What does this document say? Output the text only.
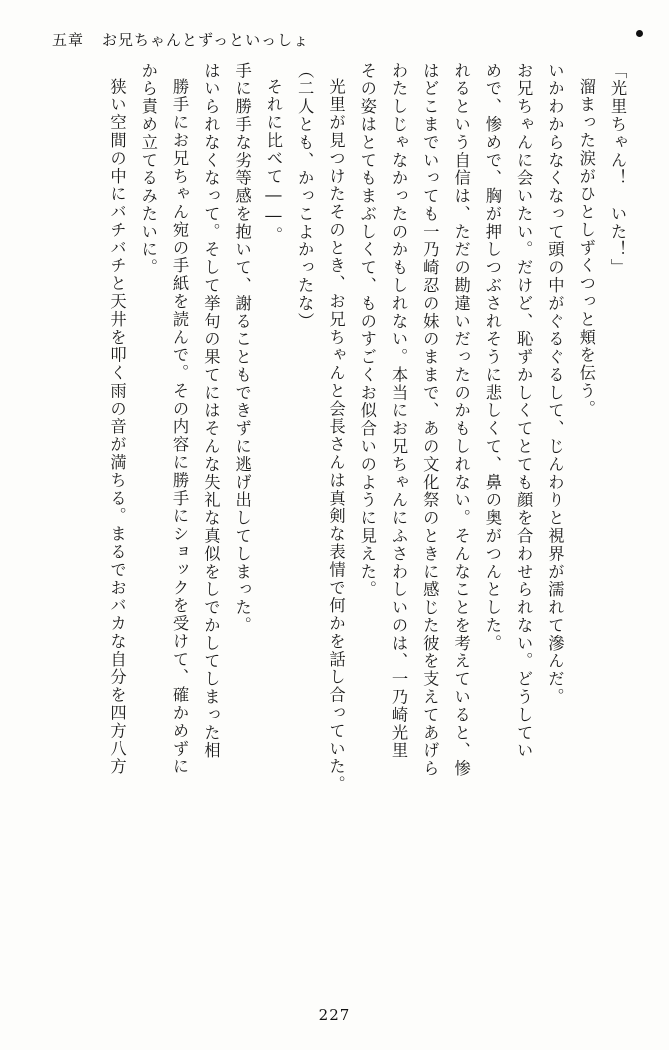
五章 お兄ちゃんとずっといっしょ

「光里ちゃん！　いた！」

溜まった涙がひとしずくつっと頬を伝う。

いかわからなくなって頭の中がぐるぐるして、じんわりと視界が濡れて滲んだ。

お兄ちゃんに会いたい。だけど、恥ずかしくてとても顔を合わせられない。どうしてい

めで、惨めで、胸が押しつぶされそうに悲しくて、鼻の奥がつんとした。

れるという自信は、ただの勘違いだったのかもしれない。そんなことを考えていると、惨

はどこまでいっても一乃崎忍の妹のままで、あの文化祭のときに感じた彼を支えてあげら

わたしじゃなかったのかもしれない。本当にお兄ちゃんにふさわしいのは、一乃崎光里

その姿はとてもまぶしくて、ものすごくお似合いのように見えた。

光里が見つけたそのとき、お兄ちゃんと会長さんは真剣な表情で何かを話し合っていた。

（二人とも、かっこよかったな）

それに比べて――。

手に勝手な劣等感を抱いて、謝ることもできずに逃げ出してしまった。

はいられなくなって。そして挙句の果てにはそんな失礼な真似をしでかしてしまった相

勝手にお兄ちゃん宛の手紙を読んで。その内容に勝手にショックを受けて、確かめずに

から責め立てるみたいに。

狭い空間の中にバチバチと天井を叩く雨の音が満ちる。まるでおバカな自分を四方八方

227
